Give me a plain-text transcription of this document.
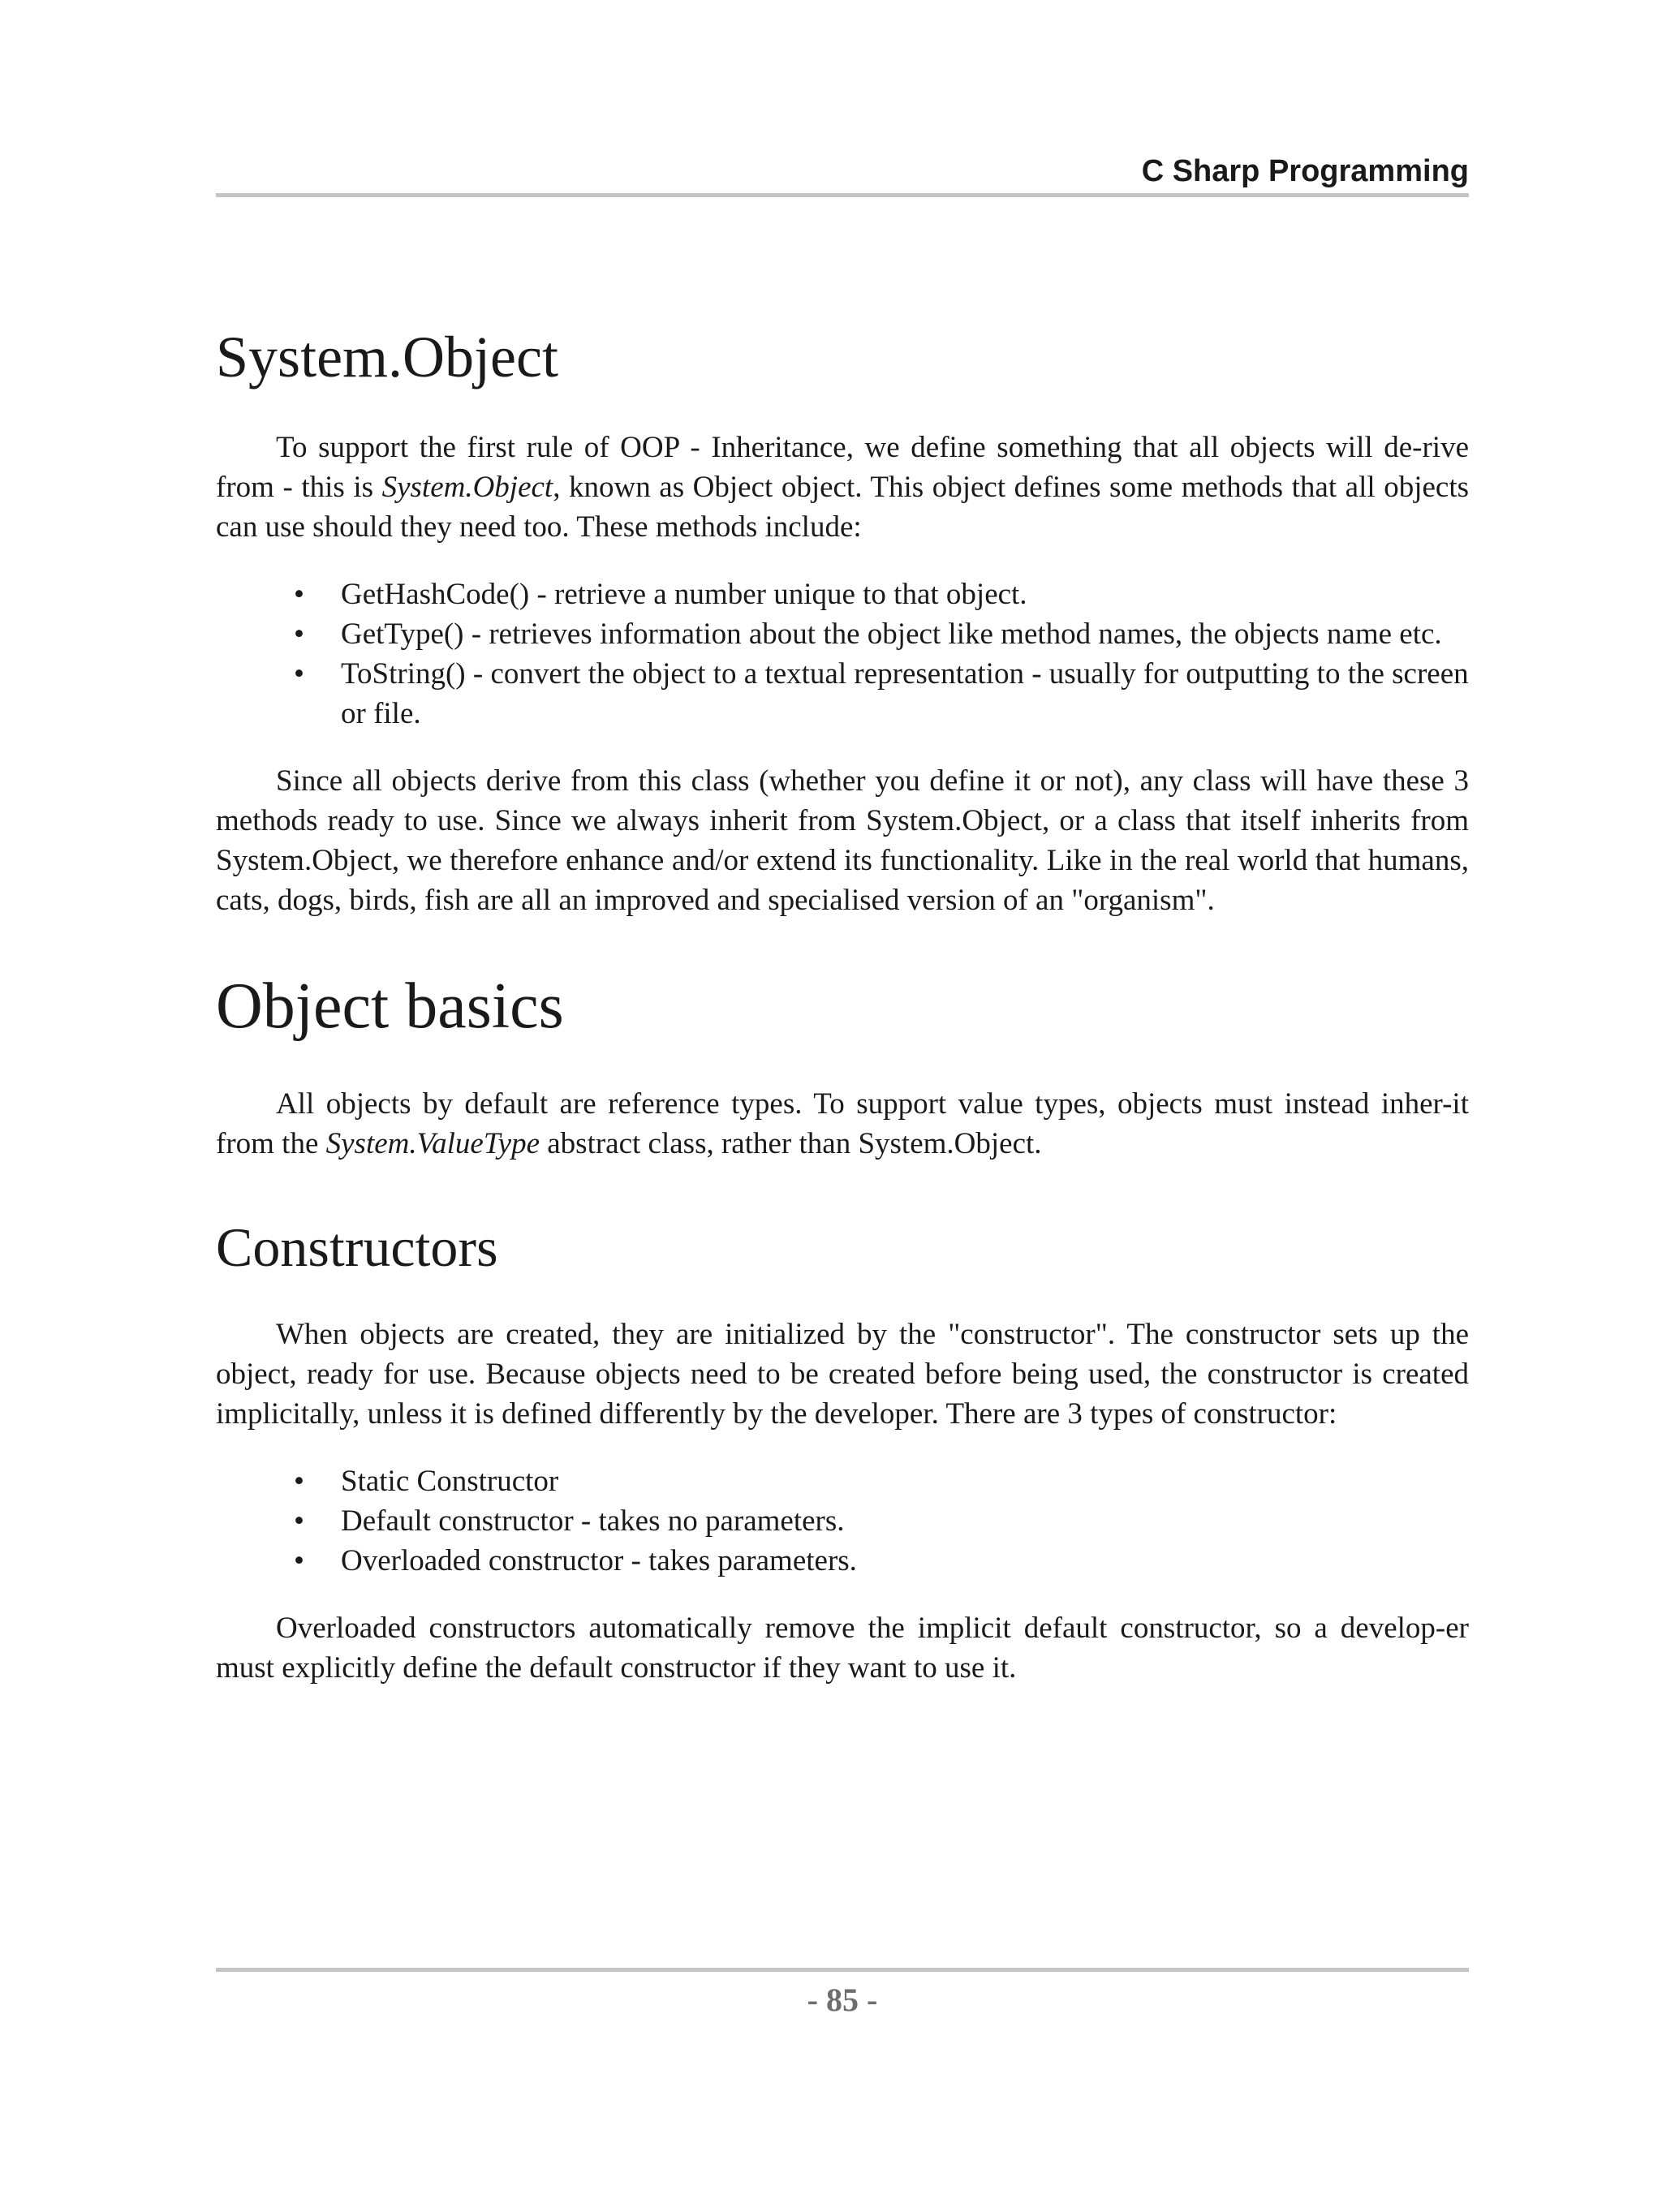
C Sharp Programming
System.Object

To support the first rule of OOP - Inheritance, we define something that all objects will de-rive from - this is System.Object, known as Object object. This object defines some methods that all objects can use should they need too. These methods include:

• GetHashCode() - retrieve a number unique to that object.
• GetType() - retrieves information about the object like method names, the objects name etc.
• ToString() - convert the object to a textual representation - usually for outputting to the screen or file.

Since all objects derive from this class (whether you define it or not), any class will have these 3 methods ready to use. Since we always inherit from System.Object, or a class that itself inherits from System.Object, we therefore enhance and/or extend its functionality. Like in the real world that humans, cats, dogs, birds, fish are all an improved and specialised version of an "organism".

Object basics

All objects by default are reference types. To support value types, objects must instead inher-it from the System.ValueType abstract class, rather than System.Object.

Constructors

When objects are created, they are initialized by the "constructor". The constructor sets up the object, ready for use. Because objects need to be created before being used, the constructor is created implicitally, unless it is defined differently by the developer. There are 3 types of constructor:

• Static Constructor
• Default constructor - takes no parameters.
• Overloaded constructor - takes parameters.

Overloaded constructors automatically remove the implicit default constructor, so a develop-er must explicitly define the default constructor if they want to use it.

- 85 -
